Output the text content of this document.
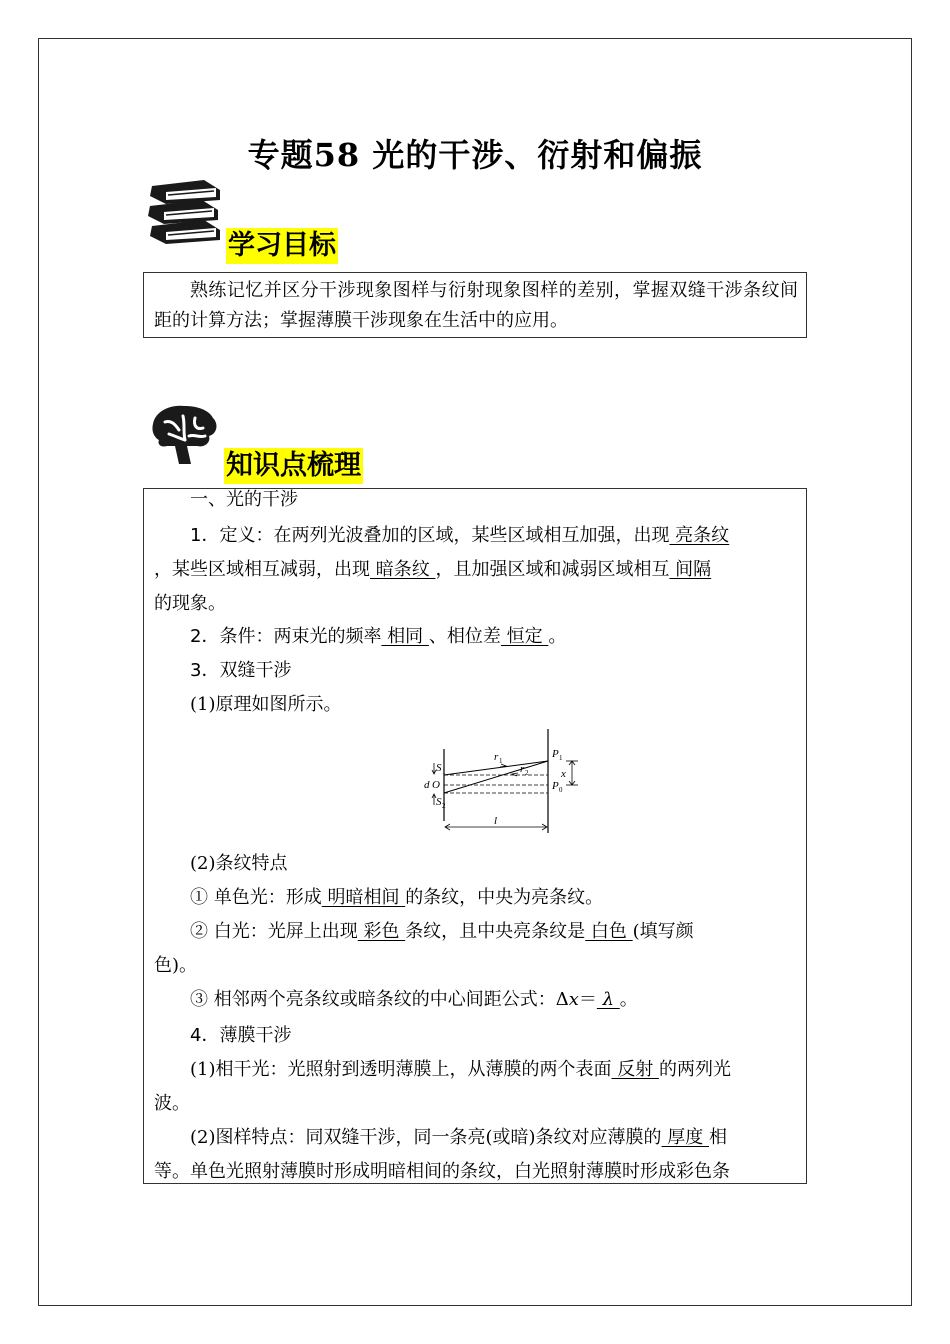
专题58 光的干涉、衍射和偏振
学习目标
熟练记忆并区分干涉现象图样与衍射现象图样的差别，掌握双缝干涉条纹间距的计算方法；掌握薄膜干涉现象在生活中的应用。
知识点梳理
一、光的干涉
1．定义：在两列光波叠加的区域，某些区域相互加强，出现 亮条纹
，某些区域相互减弱，出现 暗条纹 ，且加强区域和减弱区域相互 间隔
的现象。
2．条件：两束光的频率 相同 、相位差 恒定 。
3．双缝干涉
(1)原理如图所示。
S 1
d O
S 2
r 1
r 2
P 1
P 0
x
l
(2)条纹特点
① 单色光：形成 明暗相间 的条纹，中央为亮条纹。
② 白光：光屏上出现 彩色 条纹，且中央亮条纹是 白色 (填写颜
色)。
③ 相邻两个亮条纹或暗条纹的中心间距公式：Δx＝ λ 。
4．薄膜干涉
(1)相干光：光照射到透明薄膜上，从薄膜的两个表面 反射 的两列光
波。
(2)图样特点：同双缝干涉，同一条亮(或暗)条纹对应薄膜的 厚度 相
等。单色光照射薄膜时形成明暗相间的条纹，白光照射薄膜时形成彩色条
